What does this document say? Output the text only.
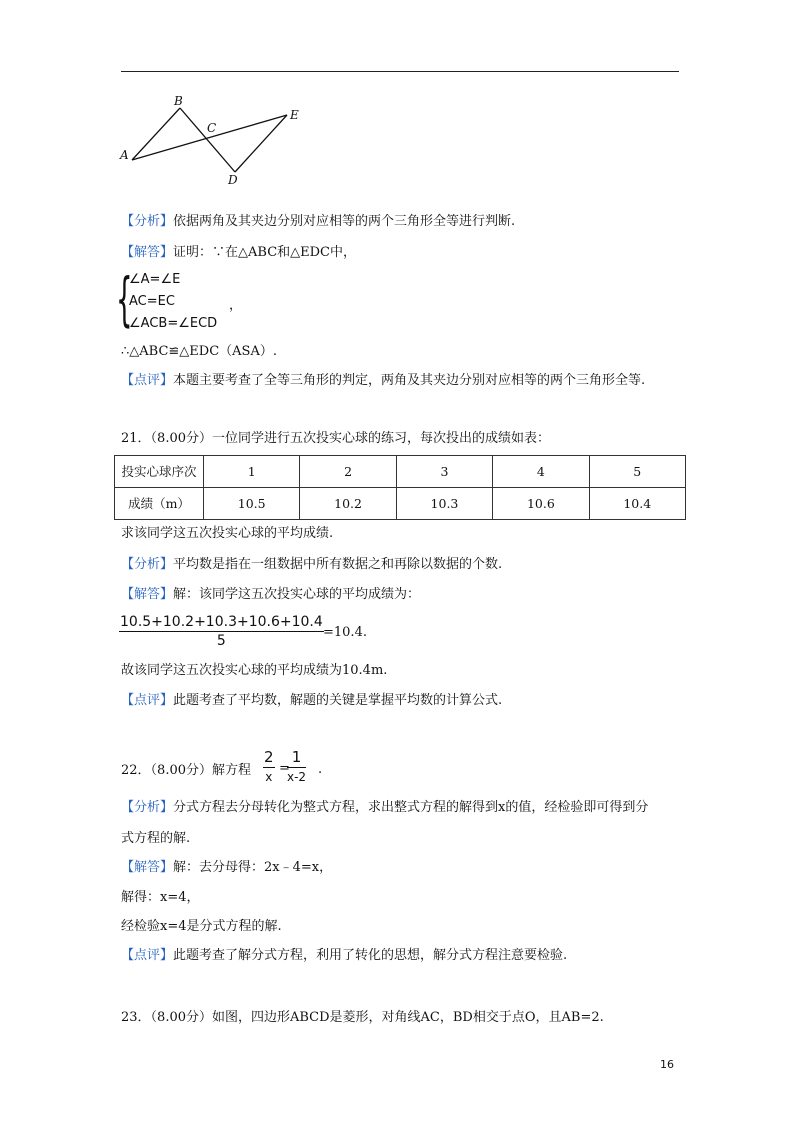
A
B
C
D
E
【分析】依据两角及其夹边分别对应相等的两个三角形全等进行判断.
【解答】证明：∵在△ABC和△EDC中，
{
∠A=∠E
AC=EC	，
∠ACB=∠ECD
∴△ABC≌△EDC（ASA）.
【点评】本题主要考查了全等三角形的判定，两角及其夹边分别对应相等的两个三角形全等.
21．（8.00分）一位同学进行五次投实心球的练习，每次投出的成绩如表：
投实心球序次	1	2	3	4	5
成绩（m）	10.5	10.2	10.3	10.6	10.4
求该同学这五次投实心球的平均成绩.
【分析】平均数是指在一组数据中所有数据之和再除以数据的个数.
【解答】解：该同学这五次投实心球的平均成绩为：
$\frac{10.5+10.2+10.3+10.6+10.4}{5} =10.4$.
故该同学这五次投实心球的平均成绩为10.4m.
【点评】此题考查了平均数，解题的关键是掌握平均数的计算公式.
22．（8.00分）解方程
2
x
=
1
x-2 .
【分析】分式方程去分母转化为整式方程，求出整式方程的解得到x的值，经检验即可得到分
式方程的解.
【解答】解：去分母得：2x﹣4=x，
解得：x=4，
经检验x=4是分式方程的解.
【点评】此题考查了解分式方程，利用了转化的思想，解分式方程注意要检验.
23．（8.00分）如图，四边形ABCD是菱形，对角线AC，BD相交于点O，且AB=2.
16
